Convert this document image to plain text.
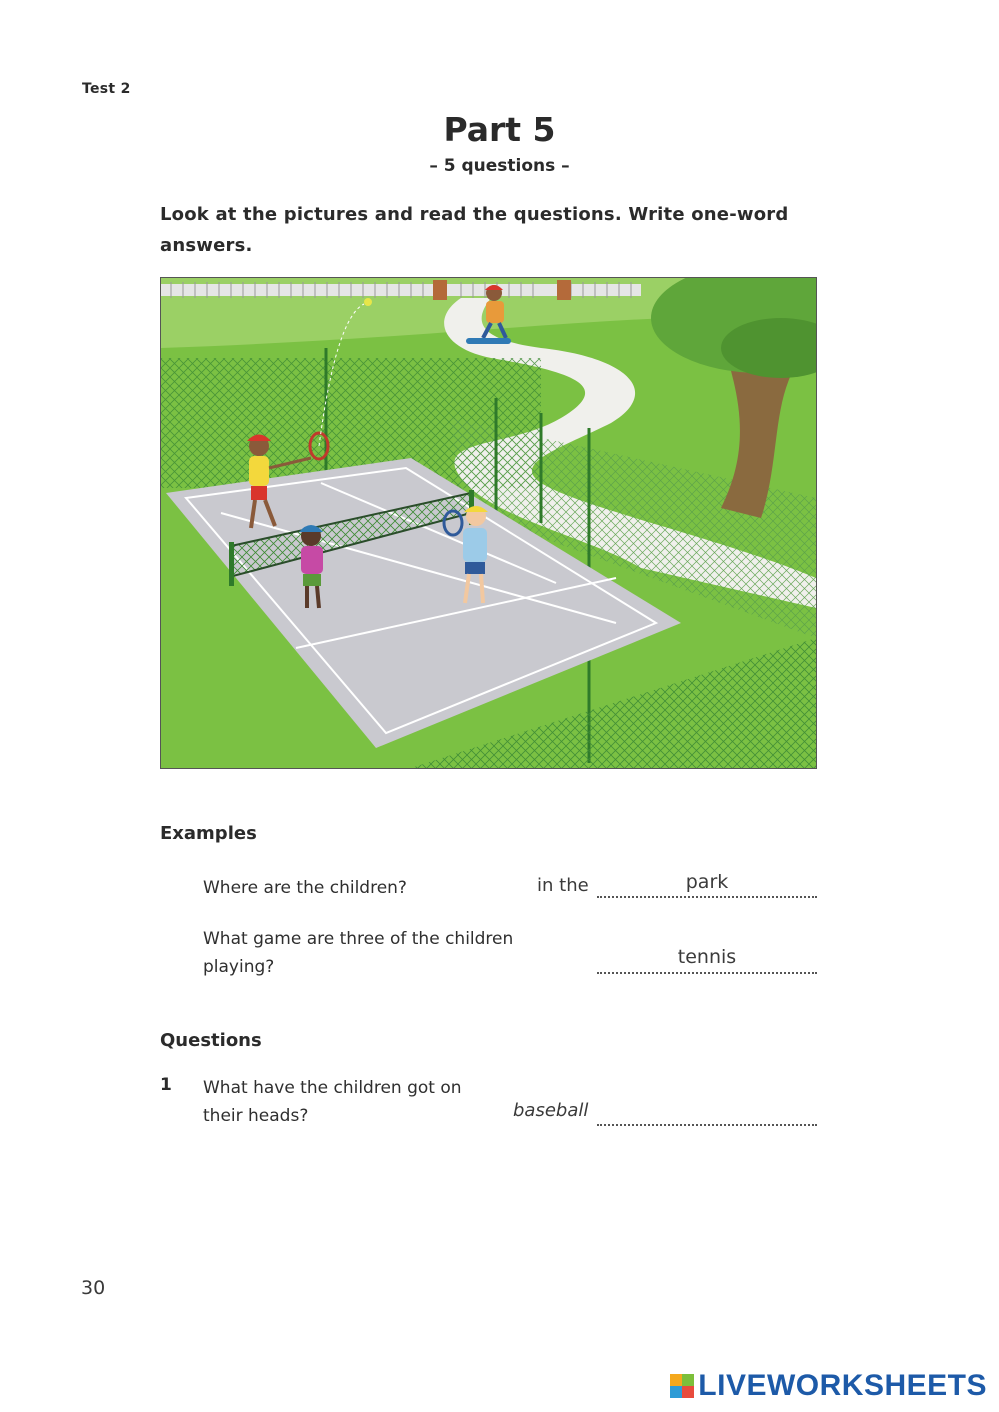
Test 2
Part 5
– 5 questions –
Look at the pictures and read the questions. Write one-word answers.
Examples
Where are the children?	in the	park
What game are three of the children playing?	tennis
Questions
1 What have the children got on their heads?	baseball
30
LIVEWORKSHEETS
